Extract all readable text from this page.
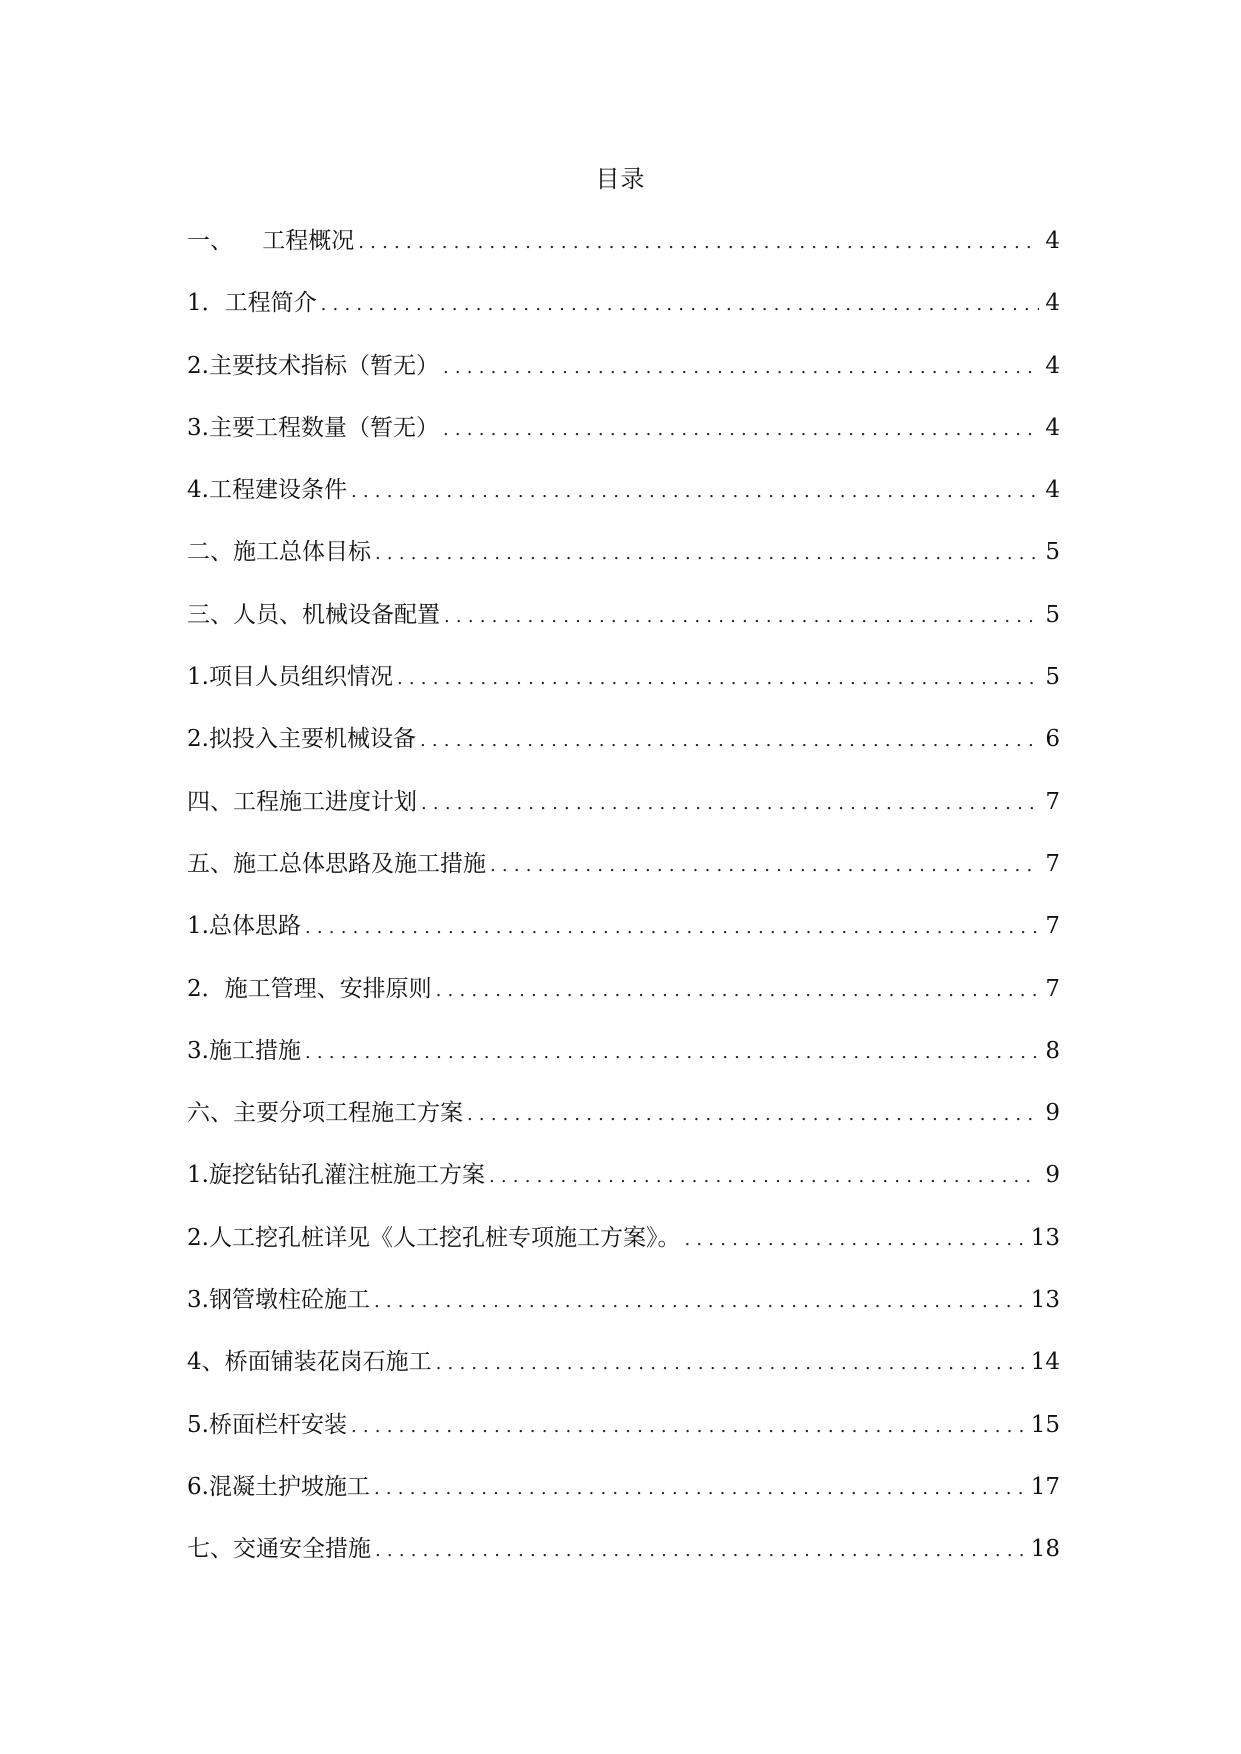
目录
一、    工程概况 .....	4
1．工程简介 .....	4
2.主要技术指标（暂无） .....	4
3.主要工程数量（暂无） .....	4
4.工程建设条件 .....	4
二、施工总体目标 .....	5
三、人员、机械设备配置 .....	5
1.项目人员组织情况 .....	5
2.拟投入主要机械设备 .....	6
四、工程施工进度计划 .....	7
五、施工总体思路及施工措施 .....	7
1.总体思路 .....	7
2．施工管理、安排原则 .....	7
3.施工措施 .....	8
六、主要分项工程施工方案 .....	9
1.旋挖钻钻孔灌注桩施工方案 .....	9
2.人工挖孔桩详见《人工挖孔桩专项施工方案》。 .....	13
3.钢管墩柱砼施工 .....	13
4、桥面铺装花岗石施工 .....	14
5.桥面栏杆安装 .....	15
6.混凝土护坡施工 .....	17
七、交通安全措施 .....	18
